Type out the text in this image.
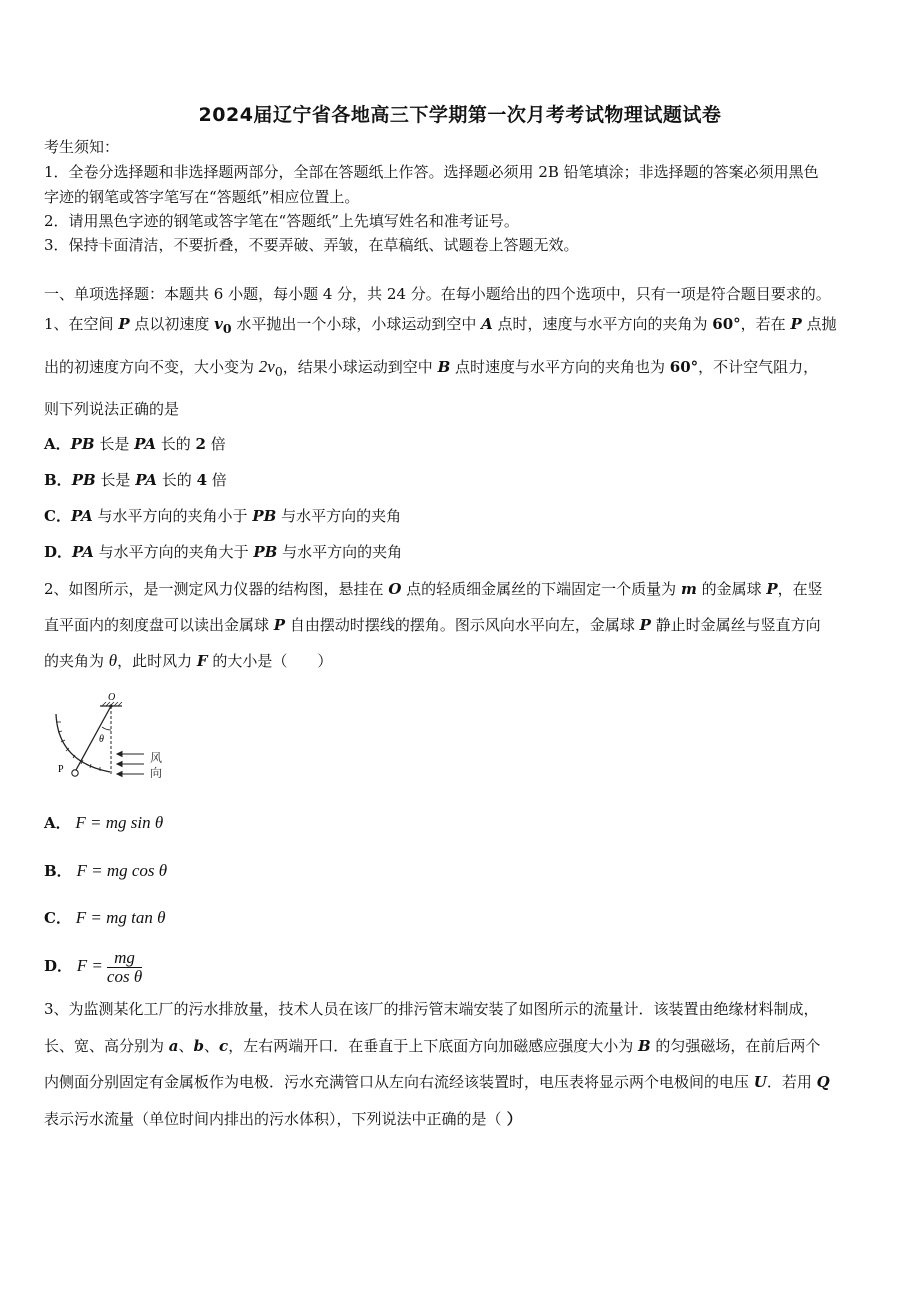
2024届辽宁省各地高三下学期第一次月考考试物理试题试卷
考生须知：
1．全卷分选择题和非选择题两部分，全部在答题纸上作答。选择题必须用 2B 铅笔填涂；非选择题的答案必须用黑色
字迹的钢笔或答字笔写在“答题纸”相应位置上。
2．请用黑色字迹的钢笔或答字笔在“答题纸”上先填写姓名和准考证号。
3．保持卡面清洁，不要折叠，不要弄破、弄皱，在草稿纸、试题卷上答题无效。
一、单项选择题：本题共 6 小题，每小题 4 分，共 24 分。在每小题给出的四个选项中，只有一项是符合题目要求的。
1、在空间 P 点以初速度 $v_0$ 水平抛出一个小球，小球运动到空中 A 点时，速度与水平方向的夹角为 60°，若在 P 点抛
出的初速度方向不变，大小变为 $2v_0$，结果小球运动到空中 B 点时速度与水平方向的夹角也为 60°，不计空气阻力，
则下列说法正确的是
A．PB 长是 PA 长的 2 倍
B．PB 长是 PA 长的 4 倍
C．PA 与水平方向的夹角小于 PB 与水平方向的夹角
D．PA 与水平方向的夹角大于 PB 与水平方向的夹角
2、如图所示，是一测定风力仪器的结构图，悬挂在 O 点的轻质细金属丝的下端固定一个质量为 m 的金属球 P，在竖
直平面内的刻度盘可以读出金属球 P 自由摆动时摆线的摆角。图示风向水平向左，金属球 P 静止时金属丝与竖直方向
的夹角为 θ，此时风力 F 的大小是（　　）
O
P
θ
风
向
A． F = mg sin θ
B． F = mg cos θ
C． F = mg tan θ
D． $F = \frac{mg}{\text{cos θ}}$
3、为监测某化工厂的污水排放量，技术人员在该厂的排污管末端安装了如图所示的流量计．该装置由绝缘材料制成，
长、宽、高分别为 a、b、c，左右两端开口．在垂直于上下底面方向加磁感应强度大小为 B 的匀强磁场，在前后两个
内侧面分别固定有金属板作为电极．污水充满管口从左向右流经该装置时，电压表将显示两个电极间的电压 U．若用 Q
表示污水流量（单位时间内排出的污水体积），下列说法中正确的是（ ）
